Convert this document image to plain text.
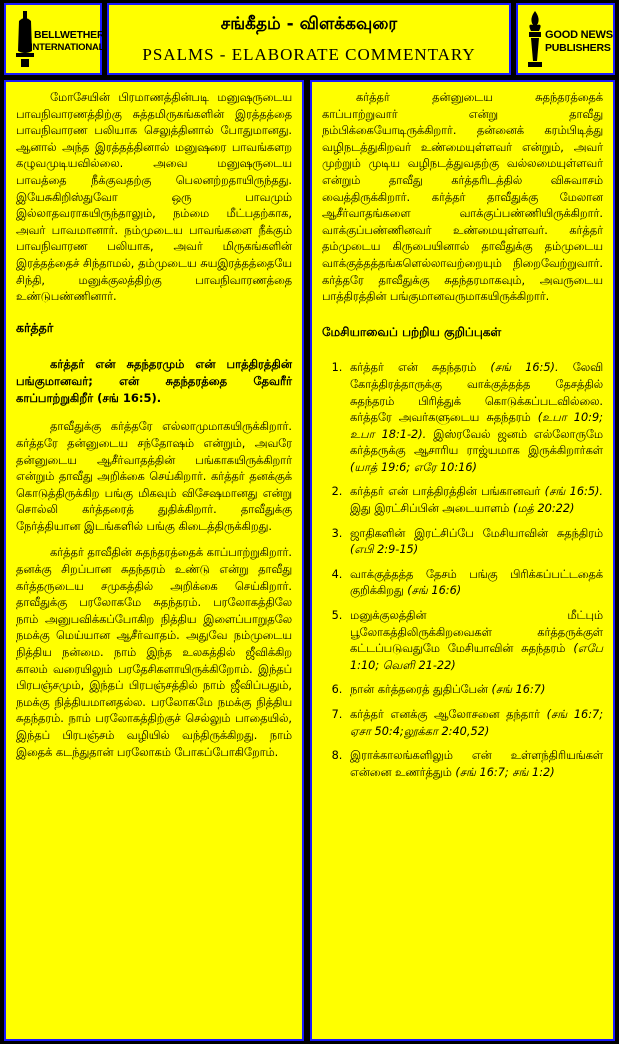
BELLWETHER
INTERNATIONAL
சங்கீதம் - விளக்கவுரை
PSALMS - ELABORATE COMMENTARY
GOOD NEWS
PUBLISHERS

மோசேயின் பிரமாணத்தின்படி மனுஷருடைய பாவநிவாரணத்திற்கு சுத்தமிருகங்களின் இரத்தத்தை பாவநிவாரண பலியாக செலுத்தினால் போதுமானது. ஆனால் அந்த இரத்தத்தினால் மனுஷரை பாவங்களற கழுவமுடியவில்லை. அவை மனுஷருடைய பாவத்தை நீக்குவதற்கு பெலனற்றதாயிருந்தது. இயேசுகிறிஸ்துவோ ஒரு பாவமும் இல்லாதவராகயிருந்தாலும், நம்மை மீட்பதற்காக, அவர் பாவமானார். நம்முடைய பாவங்களை நீக்கும் பாவநிவாரண பலியாக, அவர் மிருகங்களின் இரத்தத்தைச் சிந்தாமல், தம்முடைய சுயஇரத்தத்தையே சிந்தி, மனுக்குலத்திற்கு பாவநிவாரணத்தை உண்டுபண்ணினார்.

கர்த்தர்
கர்த்தர் என் சுதந்தரமும் என் பாத்திரத்தின் பங்குமானவர்; என் சுதந்தரத்தை தேவரீர் காப்பாற்றுகிறீர் (சங் 16:5).

தாவீதுக்கு கர்த்தரே எல்லாமுமாகயிருக்கிறார். கர்த்தரே தன்னுடைய சந்தோஷம் என்றும், அவரே தன்னுடைய ஆசீர்வாதத்தின் பங்காகயிருக்கிறார் என்றும் தாவீது அறிக்கை செய்கிறார். கர்த்தர் தனக்குக் கொடுத்திருக்கிற பங்கு மிகவும் விசேஷமானது என்று சொல்லி கர்த்தரைத் துதிக்கிறார். தாவீதுக்கு நேர்த்தியான இடங்களில் பங்கு கிடைத்திருக்கிறது.

கர்த்தர் தாவீதின் சுதந்தரத்தைக் காப்பாற்றுகிறார். தனக்கு சிறப்பான சுதந்தரம் உண்டு என்று தாவீது கர்த்தருடைய சமுகத்தில் அறிக்கை செய்கிறார். தாவீதுக்கு பரலோகமே சுதந்தரம். பரலோகத்திலே நாம் அனுபவிக்கப்போகிற நித்திய இளைப்பாறுதலே நமக்கு மெய்யான ஆசீர்வாதம். அதுவே நம்முடைய நித்திய நன்மை. நாம் இந்த உலகத்தில் ஜீவிக்கிற காலம் வரையிலும் பரதேசிகளாயிருக்கிறோம். இந்தப் பிரபஞ்சமும், இந்தப் பிரபஞ்சத்தில் நாம் ஜீவிப்பதும், நமக்கு நித்தியமானதல்ல. பரலோகமே நமக்கு நித்திய சுதந்தரம். நாம் பரலோகத்திற்குச் செல்லும் பாதையில், இந்தப் பிரபஞ்சம் வழியில் வந்திருக்கிறது. நாம் இதைக் கடந்துதான் பரலோகம் போகப்போகிறோம்.

கர்த்தர் தன்னுடைய சுதந்தரத்தைக் காப்பாற்றுவார் என்று தாவீது நம்பிக்கையோடிருக்கிறார். தன்னைக் கரம்பிடித்து வழிநடத்துகிறவர் உண்மையுள்ளவர் என்றும், அவர் முற்றும் முடிய வழிநடத்துவதற்கு வல்லமையுள்ளவர் என்றும் தாவீது கர்த்தரிடத்தில் விசுவாசம் வைத்திருக்கிறார். கர்த்தர் தாவீதுக்கு மேலான ஆசீர்வாதங்களை வாக்குப்பண்ணியிருக்கிறார். வாக்குப்பண்ணினவர் உண்மையுள்ளவர். கர்த்தர் தம்முடைய கிருபையினால் தாவீதுக்கு தம்முடைய வாக்குத்தத்தங்களெல்லாவற்றையும் நிறைவேற்றுவார். கர்த்தரே தாவீதுக்கு சுதந்தரமாகவும், அவருடைய பாத்திரத்தின் பங்குமானவருமாகயிருக்கிறார்.

மேசியாவைப் பற்றிய குறிப்புகள்
1. கர்த்தர் என் சுதந்தரம் (சங் 16:5). லேவி கோத்திரத்தாருக்கு வாக்குத்தத்த தேசத்தில் சுதந்தரம் பிரித்துக் கொடுக்கப்படவில்லை. கர்த்தரே அவர்களுடைய சுதந்தரம் (உபா 10:9; உபா 18:1-2). இஸ்ரவேல் ஜனம் எல்லோருமே கர்த்தருக்கு ஆசாரிய ராஜ்யமாக இருக்கிறார்கள் (யாத் 19:6; எரே 10:16)
2. கர்த்தர் என் பாத்திரத்தின் பங்கானவர் (சங் 16:5). இது இரட்சிப்பின் அடையாளம் (மத் 20:22)
3. ஜாதிகளின் இரட்சிப்பே மேசியாவின் சுதந்திரம் (எபி 2:9-15)
4. வாக்குத்தத்த தேசம் பங்கு பிரிக்கப்பட்டதைக் குறிக்கிறது (சங் 16:6)
5. மனுக்குலத்தின் மீட்பும் பூலோகத்திலிருக்கிறவைகள் கர்த்தருக்குள் கட்டப்படுவதுமே மேசியாவின் சுதந்தரம் (எபே 1:10; வெளி 21-22)
6. நான் கர்த்தரைத் துதிப்பேன் (சங் 16:7)
7. கர்த்தர் எனக்கு ஆலோசனை தந்தார் (சங் 16:7; ஏசா 50:4;லூக்கா 2:40,52)
8. இராக்காலங்களிலும் என் உள்ளந்திரியங்கள் என்னை உணர்த்தும் (சங் 16:7; சங் 1:2)
